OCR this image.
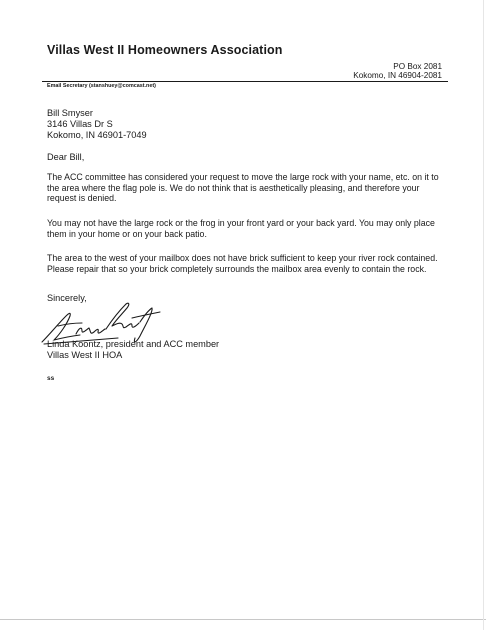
Villas West II Homeowners Association
PO Box 2081
Kokomo, IN 46904-2081
Email Secretary (stanshuey@comcast.net)
Bill Smyser
3146 Villas Dr S
Kokomo, IN 46901-7049
Dear Bill,

The ACC committee has considered your request to move the large rock with your name, etc. on it to the area where the flag pole is. We do not think that is aesthetically pleasing, and therefore your request is denied.

You may not have the large rock or the frog in your front yard or your back yard. You may only place them in your home or on your back patio.

The area to the west of your mailbox does not have brick sufficient to keep your river rock contained. Please repair that so your brick completely surrounds the mailbox area evenly to contain the rock.

Sincerely,
Linda Koontz, president and ACC member
Villas West II HOA
ss
